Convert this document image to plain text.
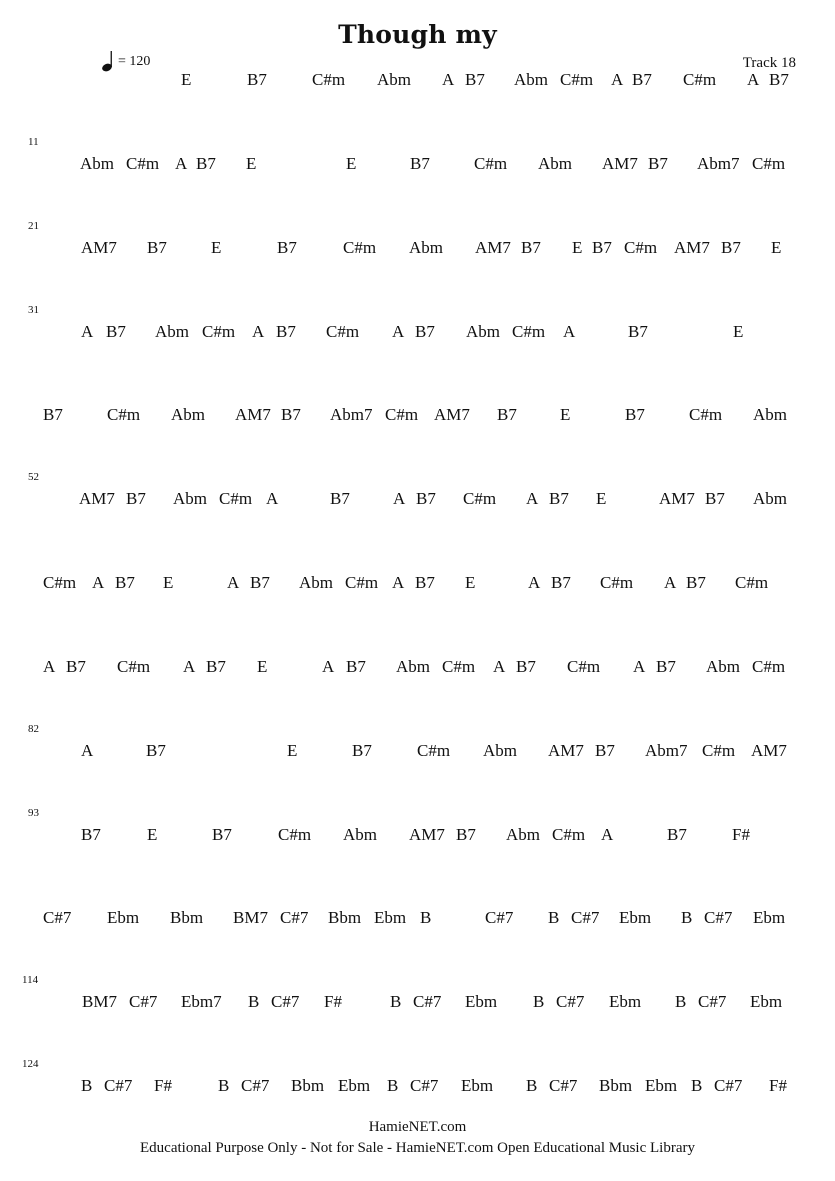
Though my
= 120	Track 18
E	B7	C#m Abm A B7 Abm C#m A B7 C#m A B7
11
Abm C#m A B7 E	E	B7	C#m Abm AM7 B7 Abm7 C#m
21
AM7 B7	E	B7	C#m Abm AM7 B7 E B7 C#m AM7 B7 E
31
A B7 Abm C#m A B7 C#m A B7 Abm C#m A	B7	E
B7	C#m Abm AM7 B7 Abm7 C#m AM7 B7	E	B7	C#m Abm
52
AM7 B7 Abm C#m A	B7	A B7 C#m A B7 E	AM7 B7 Abm
C#m A B7 E	A B7 Abm C#m A B7 E	A B7 C#m A B7 C#m
A B7 C#m A B7 E	A B7 Abm C#m A B7 C#m A B7 Abm C#m
82
A	B7	E	B7	C#m Abm AM7 B7 Abm7 C#m AM7
93
B7	E	B7	C#m Abm AM7 B7 Abm C#m A	B7	F#
C#7 Ebm Bbm BM7 C#7 Bbm Ebm B	C#7 B C#7 Ebm B C#7 Ebm
114
BM7 C#7 Ebm7 B C#7 F#	B C#7 Ebm B C#7 Ebm B C#7 Ebm
124
B C#7 F#	B C#7 Bbm Ebm B C#7 Ebm B C#7 Bbm Ebm B C#7 F#
HamieNET.com
Educational Purpose Only - Not for Sale - HamieNET.com Open Educational Music Library
